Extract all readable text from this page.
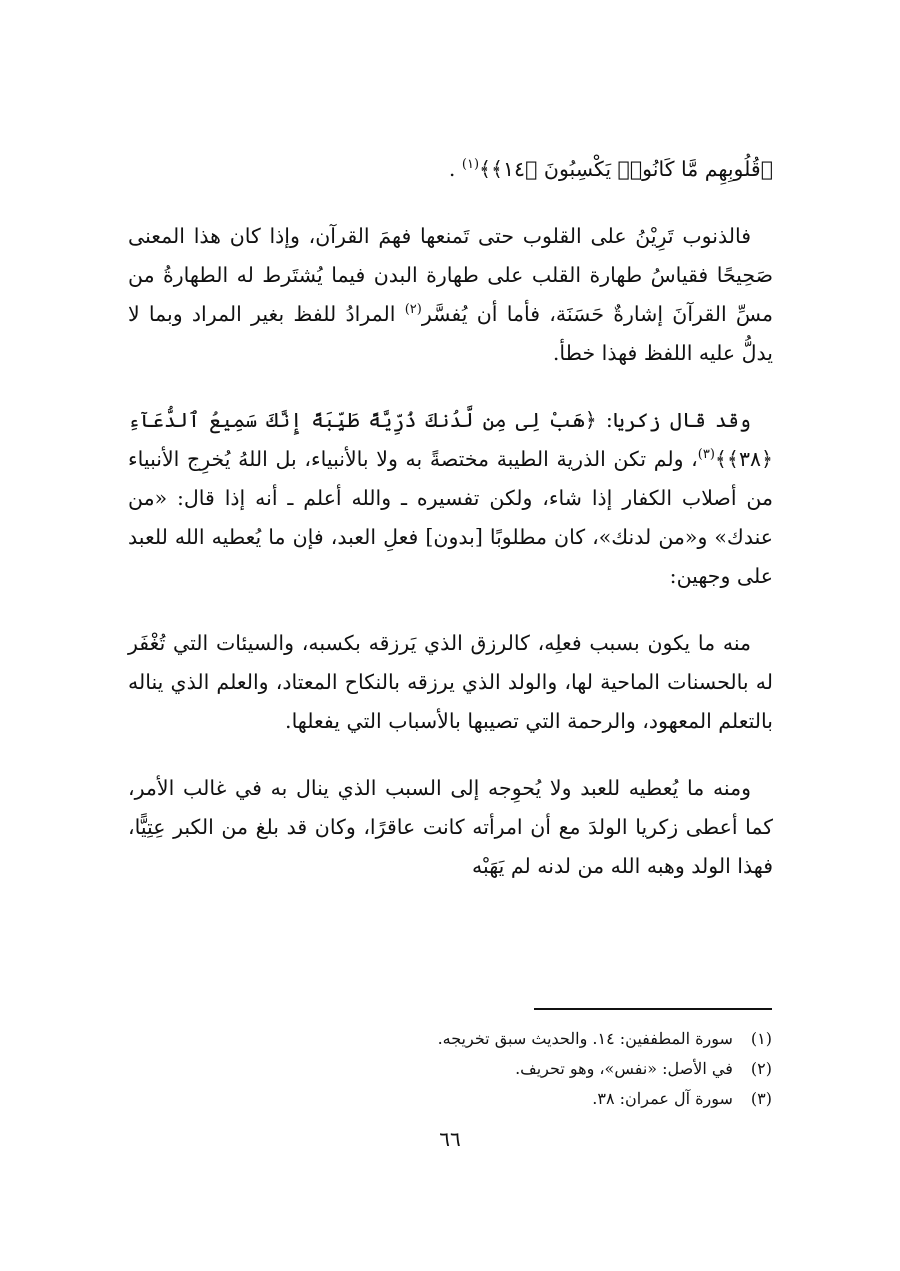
﴿قُلُوبِهِم مَّا كَانُوا۟ يَكْسِبُونَ ﴿١٤﴾﴾$^{(١)}$ .

فالذنوب تَرِيْنُ على القلوب حتى تَمنعها فهمَ القرآن، وإذا كان هذا المعنى صَحِيحًا فقياسُ طهارة القلب على طهارة البدن فيما يُشتَرط له الطهارةُ من مسِّ القرآنَ إشارةٌ حَسَنَة، فأما أن يُفسَّر$^{(٢)}$ المرادُ للفظ بغير المراد وبما لا يدلُّ عليه اللفظ فهذا خطأ.

وقد قال زكريا: ﴿هَبْ لِى مِن لَّدُنكَ ذُرِّيَّةً طَيِّبَةً إِنَّكَ سَمِيعُ ٱلدُّعَآءِ ﴿٣٨﴾﴾$^{(٣)}$، ولم تكن الذرية الطيبة مختصةً به ولا بالأنبياء، بل اللهُ يُخرِج الأنبياء من أصلاب الكفار إذا شاء، ولكن تفسيره ـ والله أعلم ـ أنه إذا قال: «من عندك» و«من لدنك»، كان مطلوبًا [بدون] فعلِ العبد، فإن ما يُعطيه الله للعبد على وجهين:

منه ما يكون بسبب فعلِه، كالرزق الذي يَرزقه بكسبه، والسيئات التي تُغْفَر له بالحسنات الماحية لها، والولد الذي يرزقه بالنكاح المعتاد، والعلم الذي يناله بالتعلم المعهود، والرحمة التي تصيبها بالأسباب التي يفعلها.

ومنه ما يُعطيه للعبد ولا يُحوِجه إلى السبب الذي ينال به في غالب الأمر، كما أعطى زكريا الولدَ مع أن امرأته كانت عاقرًا، وكان قد بلغ من الكبر عِتِيًّا، فهذا الولد وهبه الله من لدنه لم يَهَبْه

(١) سورة المطففين: ١٤. والحديث سبق تخريجه.
(٢) في الأصل: «نفس»، وهو تحريف.
(٣) سورة آل عمران: ٣٨.
٦٦
